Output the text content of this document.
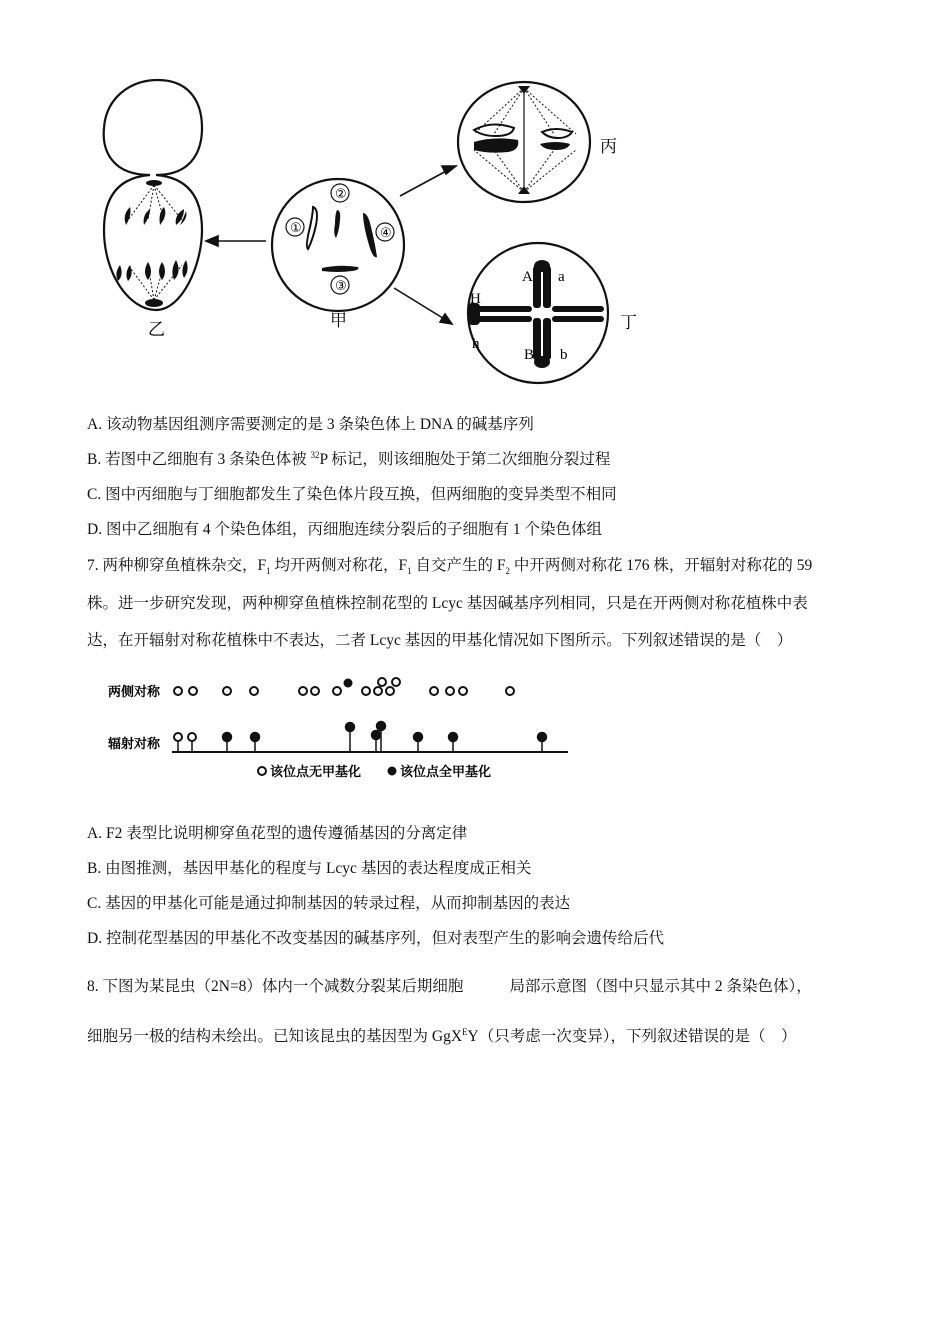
乙
①
②
④
③
甲
丙
A a
H
h
B b
丁
A. 该动物基因组测序需要测定的是 3 条染色体上 DNA 的碱基序列
B. 若图中乙细胞有 3 条染色体被 $^{32}$P 标记，则该细胞处于第二次细胞分裂过程
C. 图中丙细胞与丁细胞都发生了染色体片段互换，但两细胞的变异类型不相同
D. 图中乙细胞有 4 个染色体组，丙细胞连续分裂后的子细胞有 1 个染色体组
7. 两种柳穿鱼植株杂交，$F_1$ 均开两侧对称花，$F_1$ 自交产生的 $F_2$ 中开两侧对称花 176 株，开辐射对称花的 59
株。进一步研究发现，两种柳穿鱼植株控制花型的 Lcyc 基因碱基序列相同，只是在开两侧对称花植株中表
达，在开辐射对称花植株中不表达，二者 Lcyc 基因的甲基化情况如下图所示。下列叙述错误的是（　）
两侧对称
辐射对称
该位点无甲基化	该位点全甲基化
A. F2 表型比说明柳穿鱼花型的遗传遵循基因的分离定律
B. 由图推测，基因甲基化的程度与 Lcyc 基因的表达程度成正相关
C. 基因的甲基化可能是通过抑制基因的转录过程，从而抑制基因的表达
D. 控制花型基因的甲基化不改变基因的碱基序列，但对表型产生的影响会遗传给后代
8. 下图为某昆虫（2N=8）体内一个减数分裂某后期细胞	局部示意图（图中只显示其中 2 条染色体），
细胞另一极的结构未绘出。已知该昆虫的基因型为 GgX$^E$Y（只考虑一次变异），下列叙述错误的是（　）
